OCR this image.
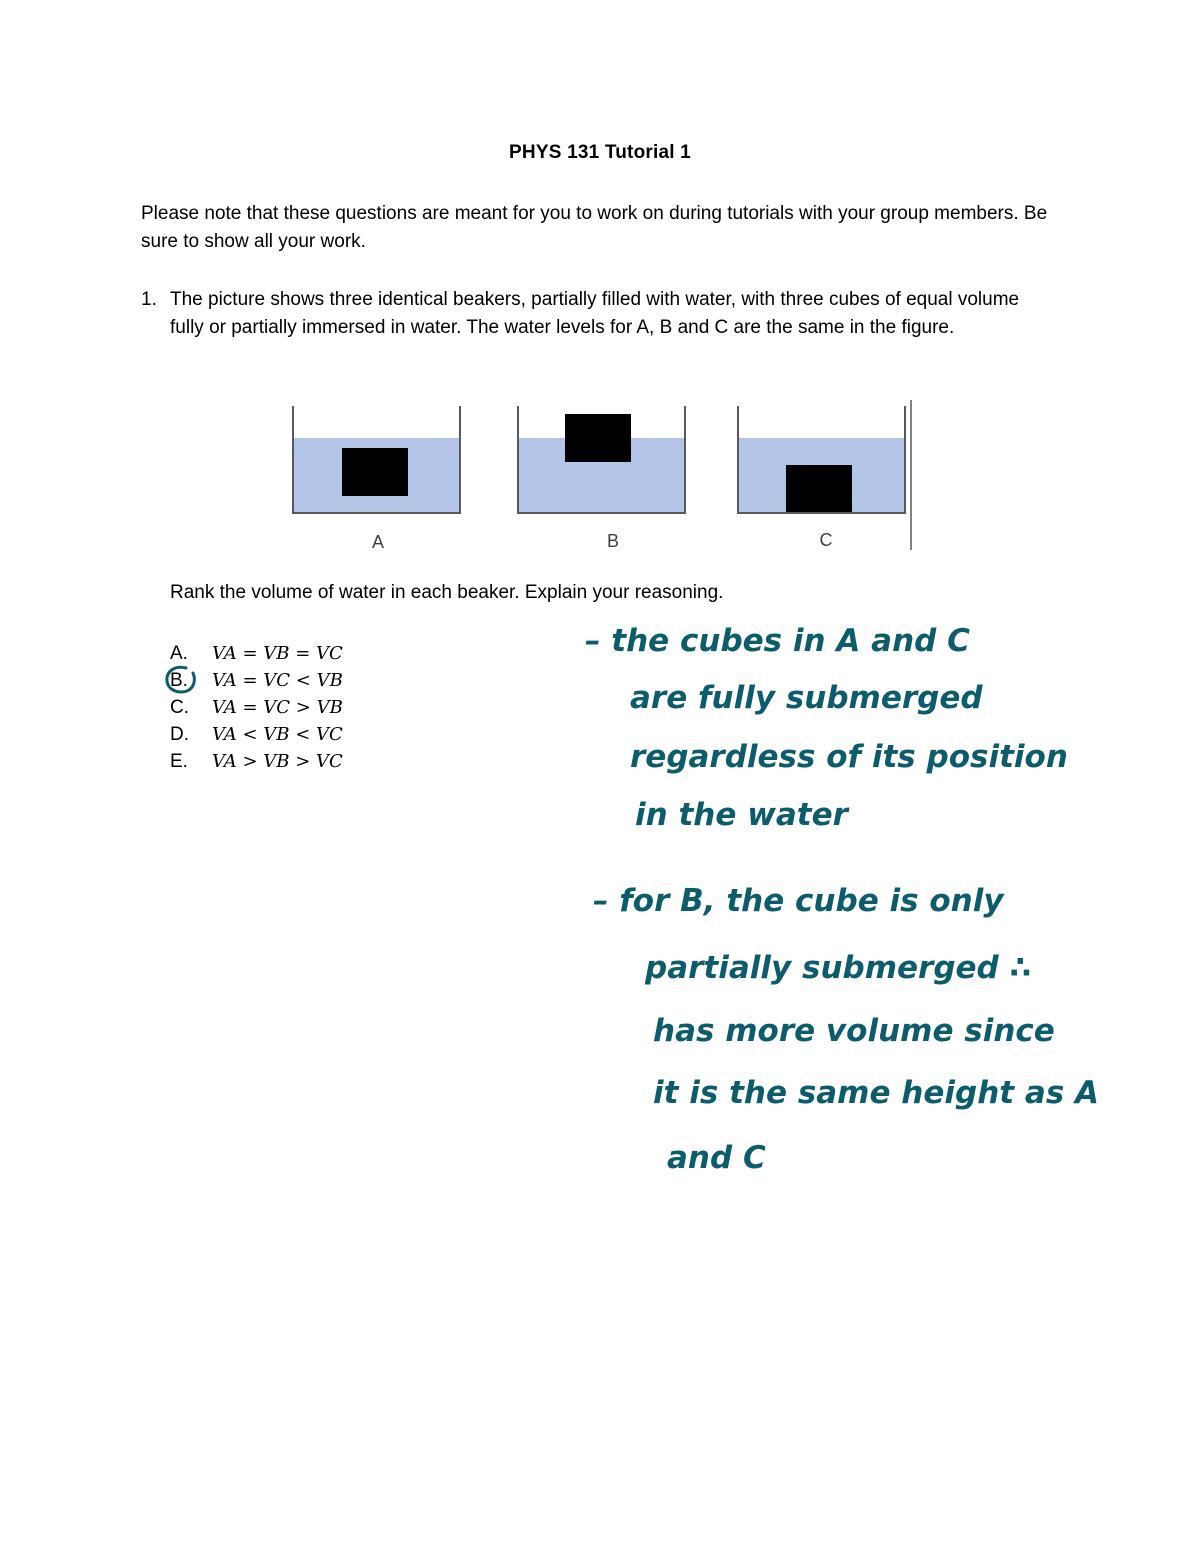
PHYS 131 Tutorial 1
Please note that these questions are meant for you to work on during tutorials with your group members. Be sure to show all your work.
1. The picture shows three identical beakers, partially filled with water, with three cubes of equal volume fully or partially immersed in water. The water levels for A, B and C are the same in the figure.
A	B	C
Rank the volume of water in each beaker. Explain your reasoning.
A. VA = VB = VC
B. VA = VC < VB
C. VA = VC > VB
D. VA < VB < VC
E. VA > VB > VC
– the cubes in A and C
are fully submerged
regardless of its position
in the water
– for B, the cube is only
partially submerged ∴
has more volume since
it is the same height as A
and C
